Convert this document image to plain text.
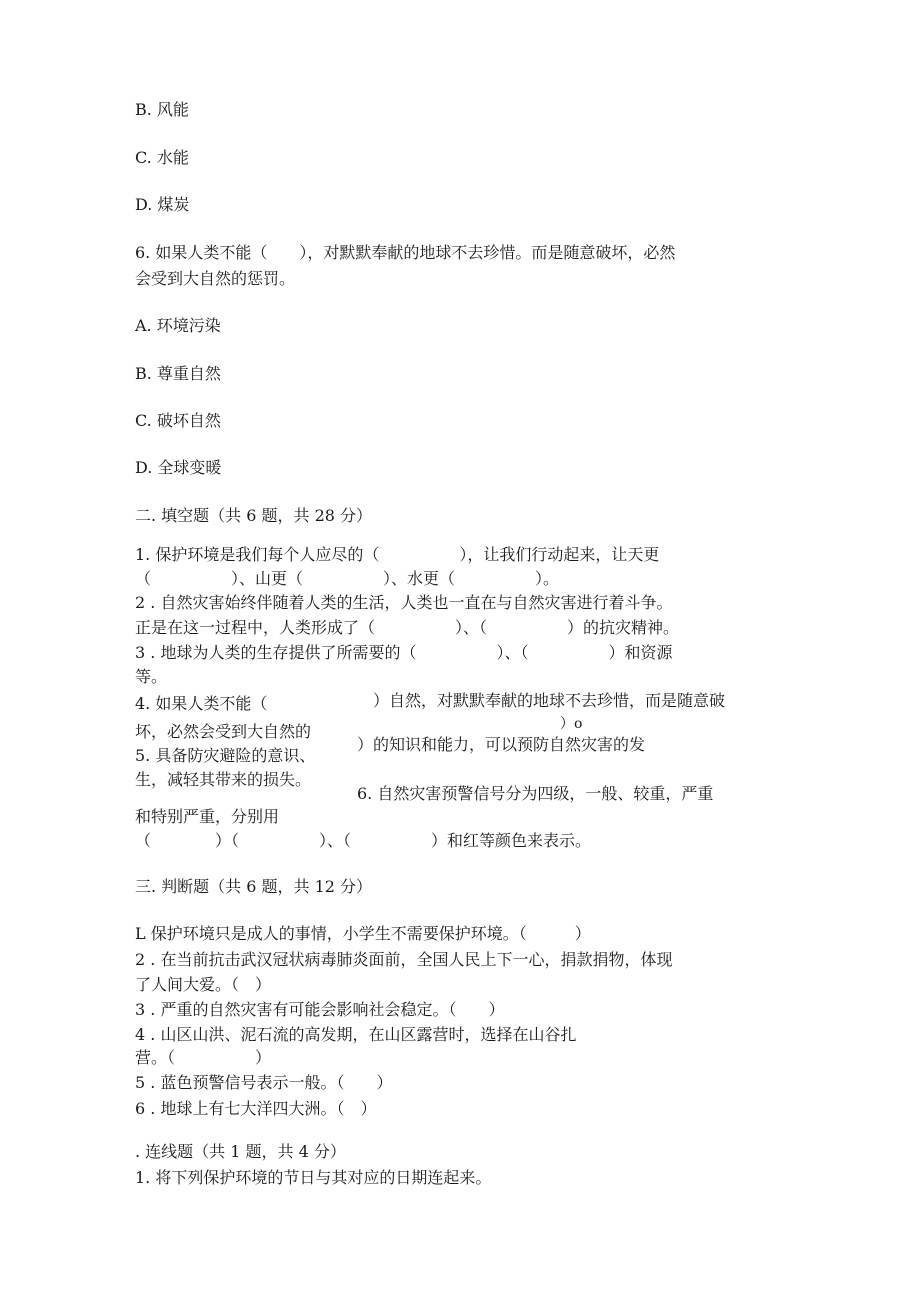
B. 风能
C. 水能
D. 煤炭
6. 如果人类不能（　　），对默默奉献的地球不去珍惜。而是随意破坏，必然
会受到大自然的惩罚。
A. 环境污染
B. 尊重自然
C. 破坏自然
D. 全球变暖
二. 填空题（共 6 题，共 28 分）
1. 保护环境是我们每个人应尽的（　　　　　），让我们行动起来，让天更
（　　　　　）、山更（　　　　　）、水更（　　　　　）。
2 . 自然灾害始终伴随着人类的生活，人类也一直在与自然灾害进行着斗争。
正是在这一过程中，人类形成了（　　　　　）、（　　　　　）的抗灾精神。
3 . 地球为人类的生存提供了所需要的（　　　　　）、（　　　　　）和资源
等。
4. 如果人类不能（	）自然，对默默奉献的地球不去珍惜，而是随意破
坏，必然会受到大自然的	）o
5. 具备防灾避险的意识、
）的知识和能力，可以预防自然灾害的发
生，减轻其带来的损失。
6. 自然灾害预警信号分为四级，一般、较重，严重
和特别严重，分别用
（　　　　）（　　　　　）、（　　　　　）和红等颜色来表示。
三. 判断题（共 6 题，共 12 分）
L 保护环境只是成人的事情，小学生不需要保护环境。（　　　）
2 . 在当前抗击武汉冠状病毒肺炎面前，全国人民上下一心，捐款捐物，体现
了人间大爱。（　）
3 . 严重的自然灾害有可能会影响社会稳定。（　　）
4 . 山区山洪、泥石流的高发期，在山区露营时，选择在山谷扎
营。（　　　　　）
5 . 蓝色预警信号表示一般。（　　）
6 . 地球上有七大洋四大洲。（　）
. 连线题（共 1 题，共 4 分）
1. 将下列保护环境的节日与其对应的日期连起来。
